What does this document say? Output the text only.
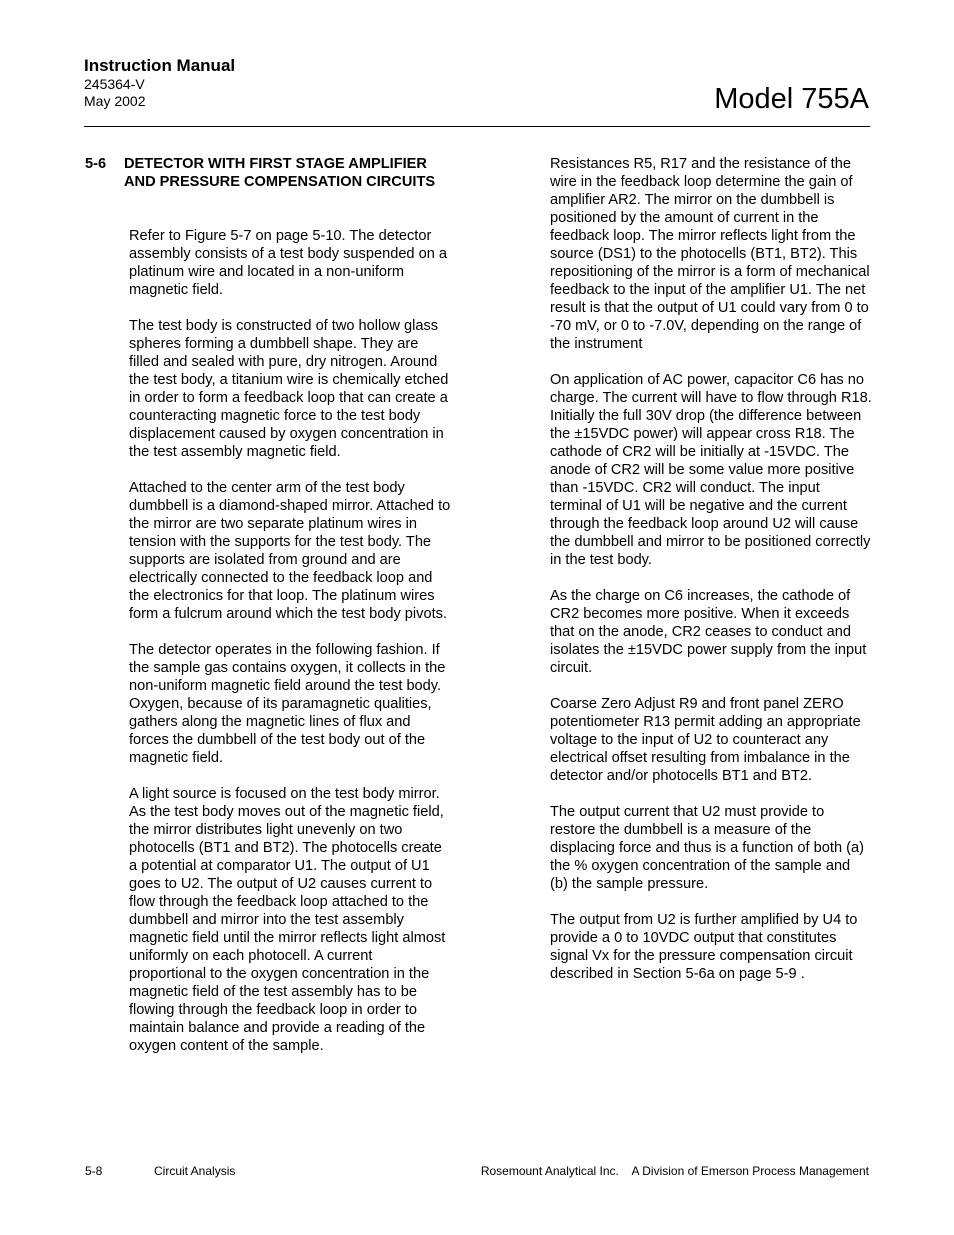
Instruction Manual
245364-V
May 2002	Model 755A
5-6 DETECTOR WITH FIRST STAGE AMPLIFIER AND PRESSURE COMPENSATION CIRCUITS

Refer to Figure 5-7 on page 5-10. The detector assembly consists of a test body suspended on a platinum wire and located in a non-uniform magnetic field.

The test body is constructed of two hollow glass spheres forming a dumbbell shape. They are filled and sealed with pure, dry nitrogen. Around the test body, a titanium wire is chemically etched in order to form a feedback loop that can create a counteracting magnetic force to the test body displacement caused by oxygen concentration in the test assembly magnetic field.

Attached to the center arm of the test body dumbbell is a diamond-shaped mirror. Attached to the mirror are two separate platinum wires in tension with the supports for the test body. The supports are isolated from ground and are electrically connected to the feedback loop and the electronics for that loop. The platinum wires form a fulcrum around which the test body pivots.

The detector operates in the following fashion. If the sample gas contains oxygen, it collects in the non-uniform magnetic field around the test body. Oxygen, because of its paramagnetic qualities, gathers along the magnetic lines of flux and forces the dumbbell of the test body out of the magnetic field.

A light source is focused on the test body mirror. As the test body moves out of the magnetic field, the mirror distributes light unevenly on two photocells (BT1 and BT2). The photocells create a potential at comparator U1. The output of U1 goes to U2. The output of U2 causes current to flow through the feedback loop attached to the dumbbell and mirror into the test assembly magnetic field until the mirror reflects light almost uniformly on each photocell. A current proportional to the oxygen concentration in the magnetic field of the test assembly has to be flowing through the feedback loop in order to maintain balance and provide a reading of the oxygen content of the sample.

Resistances R5, R17 and the resistance of the wire in the feedback loop determine the gain of amplifier AR2. The mirror on the dumbbell is positioned by the amount of current in the feedback loop. The mirror reflects light from the source (DS1) to the photocells (BT1, BT2). This repositioning of the mirror is a form of mechanical feedback to the input of the amplifier U1. The net result is that the output of U1 could vary from 0 to -70 mV, or 0 to -7.0V, depending on the range of the instrument

On application of AC power, capacitor C6 has no charge. The current will have to flow through R18. Initially the full 30V drop (the difference between the ±15VDC power) will appear cross R18. The cathode of CR2 will be initially at -15VDC. The anode of CR2 will be some value more positive than -15VDC. CR2 will conduct. The input terminal of U1 will be negative and the current through the feedback loop around U2 will cause the dumbbell and mirror to be positioned correctly in the test body.

As the charge on C6 increases, the cathode of CR2 becomes more positive. When it exceeds that on the anode, CR2 ceases to conduct and isolates the ±15VDC power supply from the input circuit.

Coarse Zero Adjust R9 and front panel ZERO potentiometer R13 permit adding an appropriate voltage to the input of U2 to counteract any electrical offset resulting from imbalance in the detector and/or photocells BT1 and BT2.

The output current that U2 must provide to restore the dumbbell is a measure of the displacing force and thus is a function of both (a) the % oxygen concentration of the sample and (b) the sample pressure.

The output from U2 is further amplified by U4 to provide a 0 to 10VDC output that constitutes signal Vx for the pressure compensation circuit described in Section 5-6a on page 5-9 .

5-8	Circuit Analysis	Rosemount Analytical Inc.    A Division of Emerson Process Management
